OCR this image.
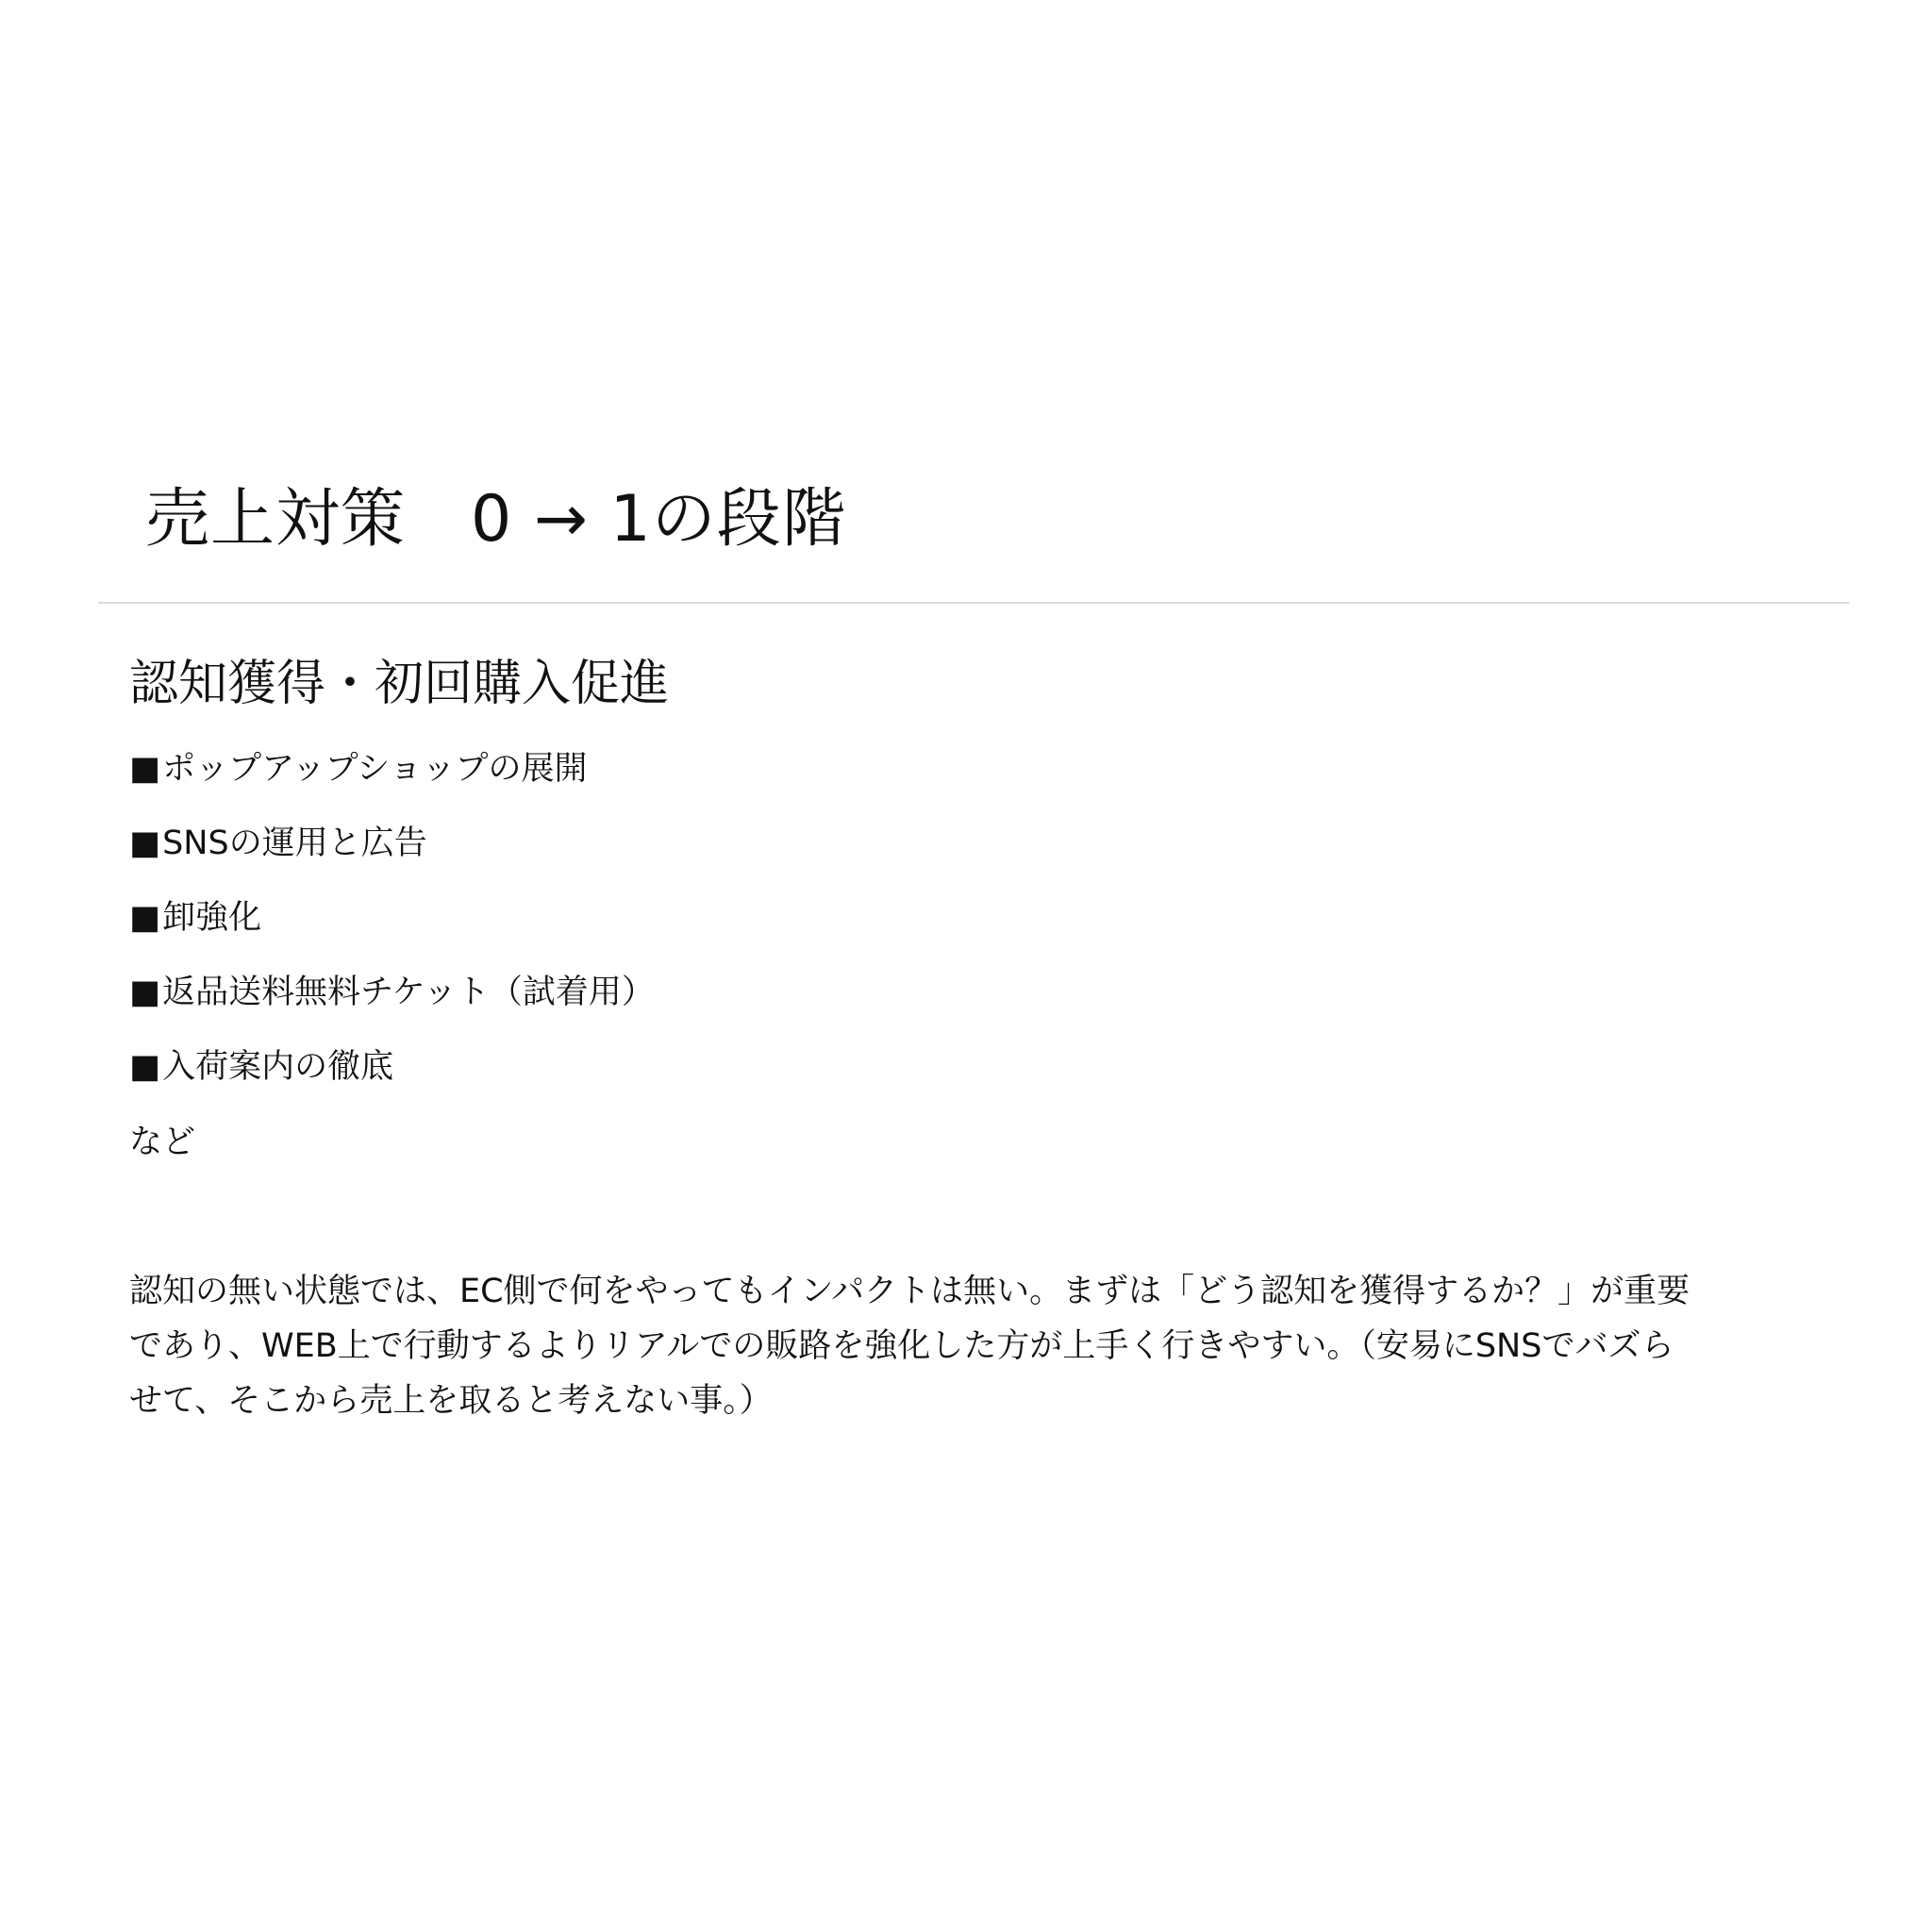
売上対策　0 → 1の段階
認知獲得・初回購入促進
■ポップアップショップの展開
■SNSの運用と広告
■卸強化
■返品送料無料チケット（試着用）
■入荷案内の徹底
など
認知の無い状態では、EC側で何をやってもインパクトは無い。まずは「どう認知を獲得するか？」が重要
であり、WEB上で行動するよりリアルでの販路を強化した方が上手く行きやすい。（安易にSNSでバズら
せて、そこから売上を取ると考えない事。）
